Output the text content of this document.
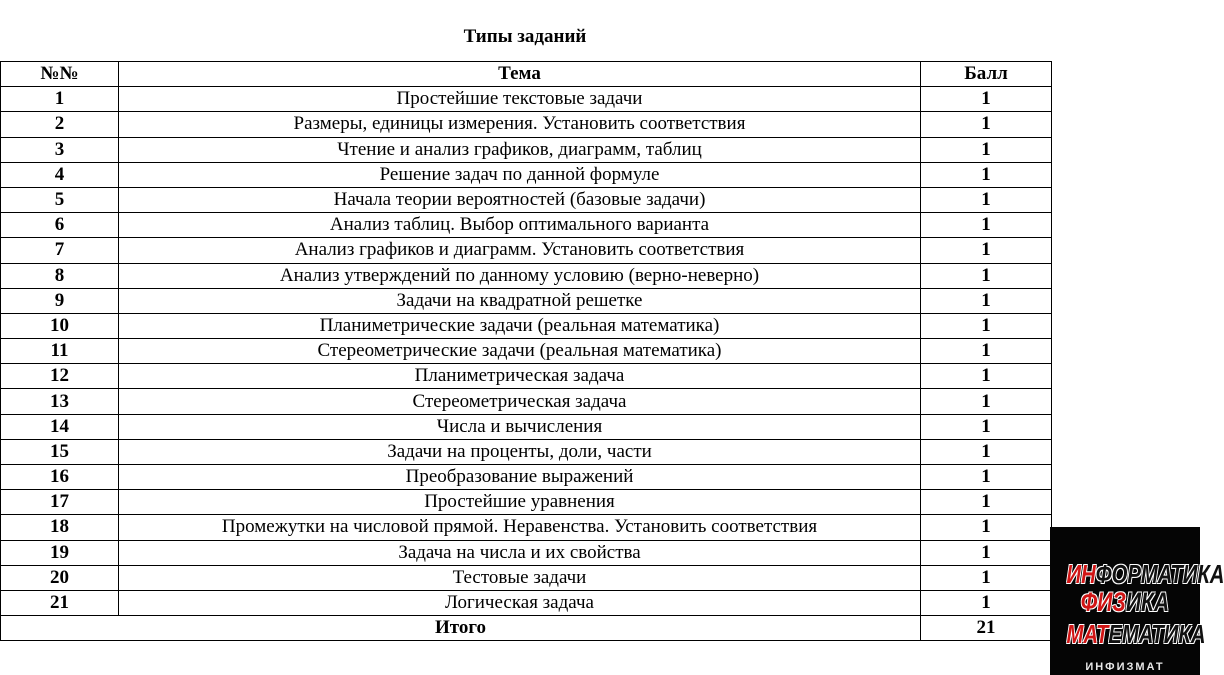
Типы заданий
№№	Тема	Балл
1	Простейшие текстовые задачи	1
2	Размеры, единицы измерения. Установить соответствия	1
3	Чтение и анализ графиков, диаграмм, таблиц	1
4	Решение задач по данной формуле	1
5	Начала теории вероятностей (базовые задачи)	1
6	Анализ таблиц. Выбор оптимального варианта	1
7	Анализ графиков и диаграмм. Установить соответствия	1
8	Анализ утверждений по данному условию (верно-неверно)	1
9	Задачи на квадратной решетке	1
10	Планиметрические задачи (реальная математика)	1
11	Стереометрические задачи (реальная математика)	1
12	Планиметрическая задача	1
13	Стереометрическая задача	1
14	Числа и вычисления	1
15	Задачи на проценты, доли, части	1
16	Преобразование выражений	1
17	Простейшие уравнения	1
18	Промежутки на числовой прямой. Неравенства. Установить соответствия	1
19	Задача на числа и их свойства	1
20	Тестовые задачи	1
21	Логическая задача	1
Итого		21
ИНФОРМАТИКА
ФИЗИКА
МАТЕМАТИКА
ИНФИЗМАТ
